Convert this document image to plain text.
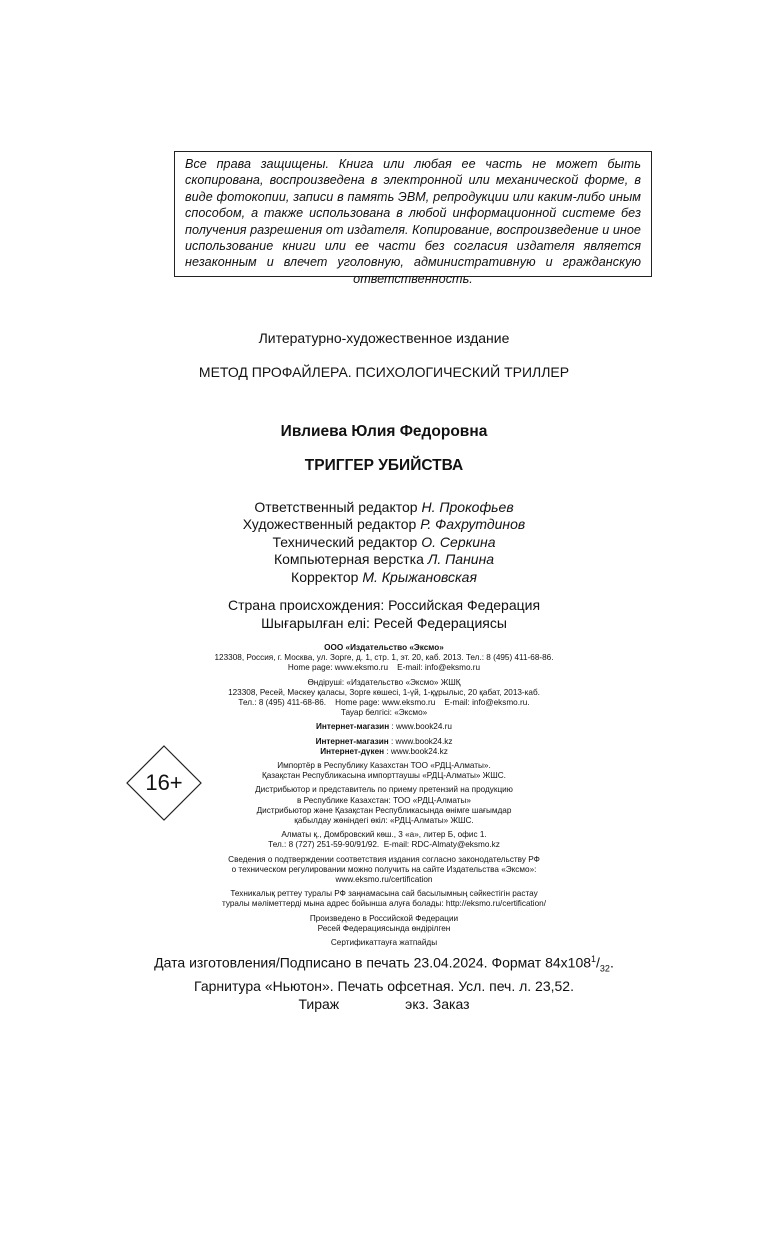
Все права защищены. Книга или любая ее часть не может быть скопирована, воспроизведена в электронной или механической форме, в виде фотокопии, записи в память ЭВМ, репродукции или каким-либо иным способом, а также использована в любой информационной системе без получения разрешения от издателя. Копирование, воспроизведение и иное использование книги или ее части без согласия издателя является незаконным и влечет уголовную, административную и гражданскую ответственность.

Литературно-художественное издание
МЕТОД ПРОФАЙЛЕРА. ПСИХОЛОГИЧЕСКИЙ ТРИЛЛЕР
Ивлиева Юлия Федоровна
ТРИГГЕР УБИЙСТВА
Ответственный редактор Н. Прокофьев
Художественный редактор Р. Фахрутдинов
Технический редактор О. Серкина
Компьютерная верстка Л. Панина
Корректор М. Крыжановская
Страна происхождения: Российская Федерация
Шығарылған елі: Ресей Федерациясы
ООО «Издательство «Эксмо»
123308, Россия, г. Москва, ул. Зорге, д. 1, стр. 1, эт. 20, каб. 2013. Тел.: 8 (495) 411-68-86.
Home page: www.eksmo.ru    E-mail: info@eksmo.ru
Өндіруші: «Издательство «Эксмо» ЖШҚ
123308, Ресей, Мәскеу қаласы, Зорге көшесі, 1-үй, 1-құрылыс, 20 қабат, 2013-каб.
Тел.: 8 (495) 411-68-86.    Home page: www.eksmo.ru    E-mail: info@eksmo.ru.
Тауар белгісі: «Эксмо»
Интернет-магазин : www.book24.ru
Интернет-магазин : www.book24.kz
Интернет-дүкен : www.book24.kz
Импортёр в Республику Казахстан ТОО «РДЦ-Алматы».
Қазақстан Республикасына импорттаушы «РДЦ-Алматы» ЖШС.
Дистрибьютор и представитель по приему претензий на продукцию
в Республике Казахстан: ТОО «РДЦ-Алматы»
Дистрибьютор және Қазақстан Республикасында өнімге шағымдар
қабылдау жөніндегі өкіл: «РДЦ-Алматы» ЖШС.
Алматы қ., Домбровский көш., 3 «а», литер Б, офис 1.
Тел.: 8 (727) 251-59-90/91/92.  E-mail: RDC-Almaty@eksmo.kz
Сведения о подтверждении соответствия издания согласно законодательству РФ
о техническом регулировании можно получить на сайте Издательства «Эксмо»:
www.eksmo.ru/certification
Техникалық реттеу туралы РФ заңнамасына сай басылымның сәйкестігін растау
туралы мәліметтерді мына адрес бойынша алуға болады: http://eksmo.ru/certification/
Произведено в Российской Федерации
Ресей Федерациясында өндірілген
Сертификаттауға жатпайды
16+
Дата изготовления/Подписано в печать 23.04.2024. Формат $84х108^1/_{32}$.
Гарнитура «Ньютон». Печать офсетная. Усл. печ. л. 23,52.
Тираж	экз. Заказ
